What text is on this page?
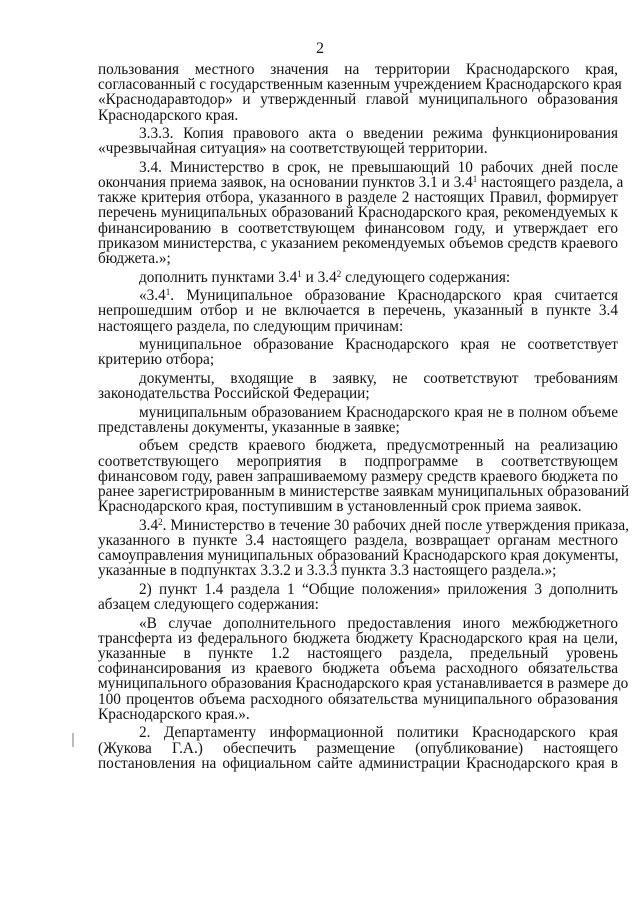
2
пользования местного значения на территории Краснодарского края,
согласованный с государственным казенным учреждением Краснодарского края
«Краснодаравтодор» и утвержденный главой муниципального образования
Краснодарского края.
3.3.3. Копия правового акта о введении режима функционирования
«чрезвычайная ситуация» на соответствующей территории.
3.4. Министерство в срок, не превышающий 10 рабочих дней после
окончания приема заявок, на основании пунктов 3.1 и $3.4^1$ настоящего раздела, а
также критерия отбора, указанного в разделе 2 настоящих Правил, формирует
перечень муниципальных образований Краснодарского края, рекомендуемых к
финансированию в соответствующем финансовом году, и утверждает его
приказом министерства, с указанием рекомендуемых объемов средств краевого
бюджета.»;
дополнить пунктами $3.4^1$ и $3.4^2$ следующего содержания:
«$3.4^1$. Муниципальное образование Краснодарского края считается
непрошедшим отбор и не включается в перечень, указанный в пункте 3.4
настоящего раздела, по следующим причинам:
муниципальное образование Краснодарского края не соответствует
критерию отбора;
документы, входящие в заявку, не соответствуют требованиям
законодательства Российской Федерации;
муниципальным образованием Краснодарского края не в полном объеме
представлены документы, указанные в заявке;
объем средств краевого бюджета, предусмотренный на реализацию
соответствующего мероприятия в подпрограмме в соответствующем
финансовом году, равен запрашиваемому размеру средств краевого бюджета по
ранее зарегистрированным в министерстве заявкам муниципальных образований
Краснодарского края, поступившим в установленный срок приема заявок.
$3.4^2$. Министерство в течение 30 рабочих дней после утверждения приказа,
указанного в пункте 3.4 настоящего раздела, возвращает органам местного
самоуправления муниципальных образований Краснодарского края документы,
указанные в подпунктах 3.3.2 и 3.3.3 пункта 3.3 настоящего раздела.»;
2) пункт 1.4 раздела 1 “Общие положения» приложения 3 дополнить
абзацем следующего содержания:
«В случае дополнительного предоставления иного межбюджетного
трансферта из федерального бюджета бюджету Краснодарского края на цели,
указанные в пункте 1.2 настоящего раздела, предельный уровень
софинансирования из краевого бюджета объема расходного обязательства
муниципального образования Краснодарского края устанавливается в размере до
100 процентов объема расходного обязательства муниципального образования
Краснодарского края.».
2. Департаменту информационной политики Краснодарского края
(Жукова Г.А.) обеспечить размещение (опубликование) настоящего
постановления на официальном сайте администрации Краснодарского края в
